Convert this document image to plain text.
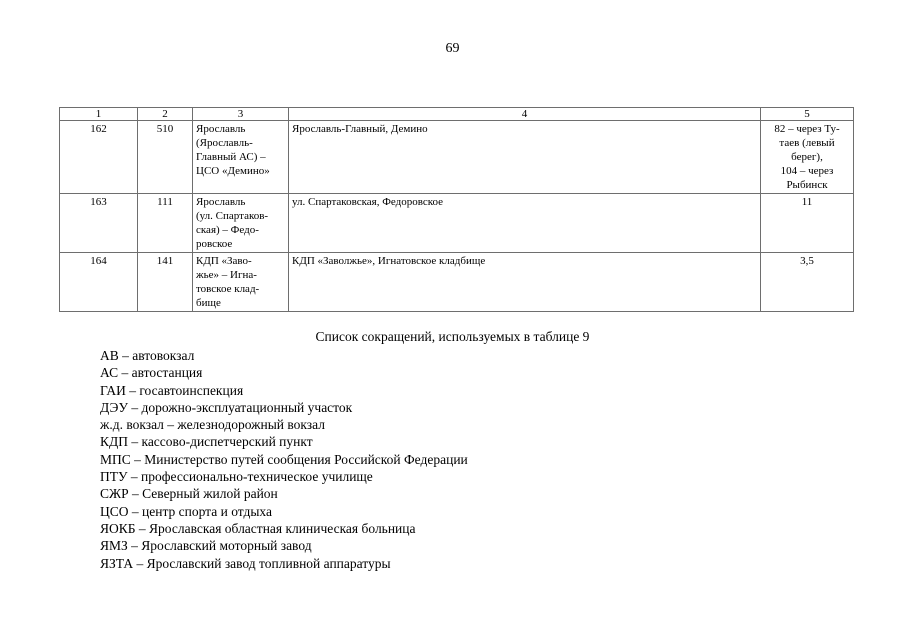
69
1	2	3	4	5
162	510	Ярославль
(Ярославль-
Главный АС) –
ЦСО «Демино»	Ярославль-Главный, Демино	82 – через Ту-
таев (левый
берег),
104 – через
Рыбинск
163	111	Ярославль
(ул. Спартаков-
ская) – Федо-
ровское	ул. Спартаковская, Федоровское	11
164	141	КДП «Заво-
жье» – Игна-
товское клад-
бище	КДП «Заволжье», Игнатовское кладбище	3,5
Список сокращений, используемых в таблице 9
АВ – автовокзал
АС – автостанция
ГАИ – госавтоинспекция
ДЭУ – дорожно-эксплуатационный участок
ж.д. вокзал – железнодорожный вокзал
КДП – кассово-диспетчерский пункт
МПС – Министерство путей сообщения Российской Федерации
ПТУ – профессионально-техническое училище
СЖР – Северный жилой район
ЦСО – центр спорта и отдыха
ЯОКБ – Ярославская областная клиническая больница
ЯМЗ – Ярославский моторный завод
ЯЗТА – Ярославский завод топливной аппаратуры
